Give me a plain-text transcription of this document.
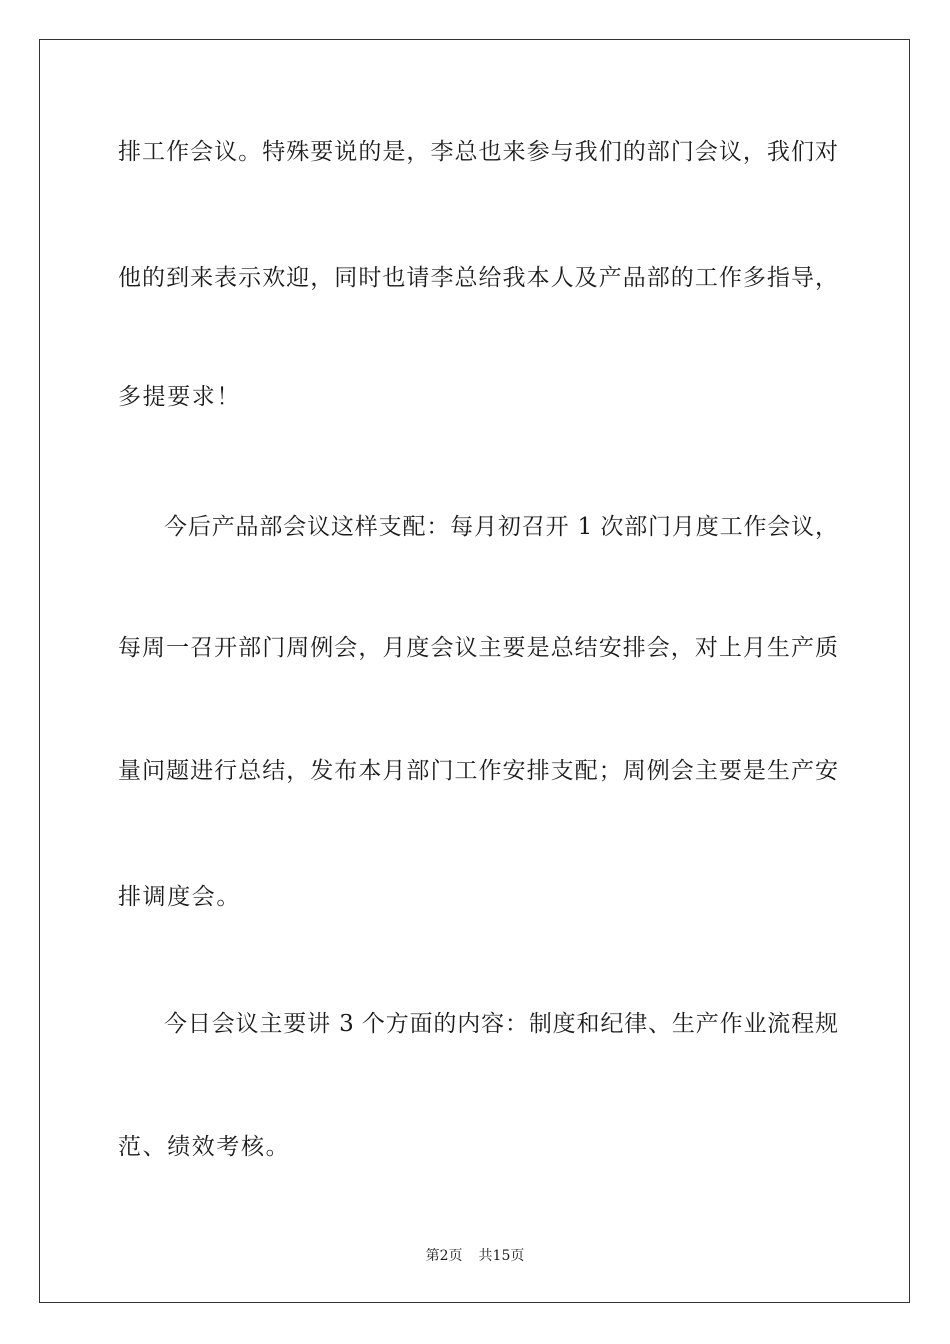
排工作会议。特殊要说的是，李总也来参与我们的部门会议，我们对
他的到来表示欢迎，同时也请李总给我本人及产品部的工作多指导，
多提要求！
今后产品部会议这样支配：每月初召开 1 次部门月度工作会议，
每周一召开部门周例会，月度会议主要是总结安排会，对上月生产质
量问题进行总结，发布本月部门工作安排支配；周例会主要是生产安
排调度会。
今日会议主要讲 3 个方面的内容：制度和纪律、生产作业流程规
范、绩效考核。
第2页 共15页
